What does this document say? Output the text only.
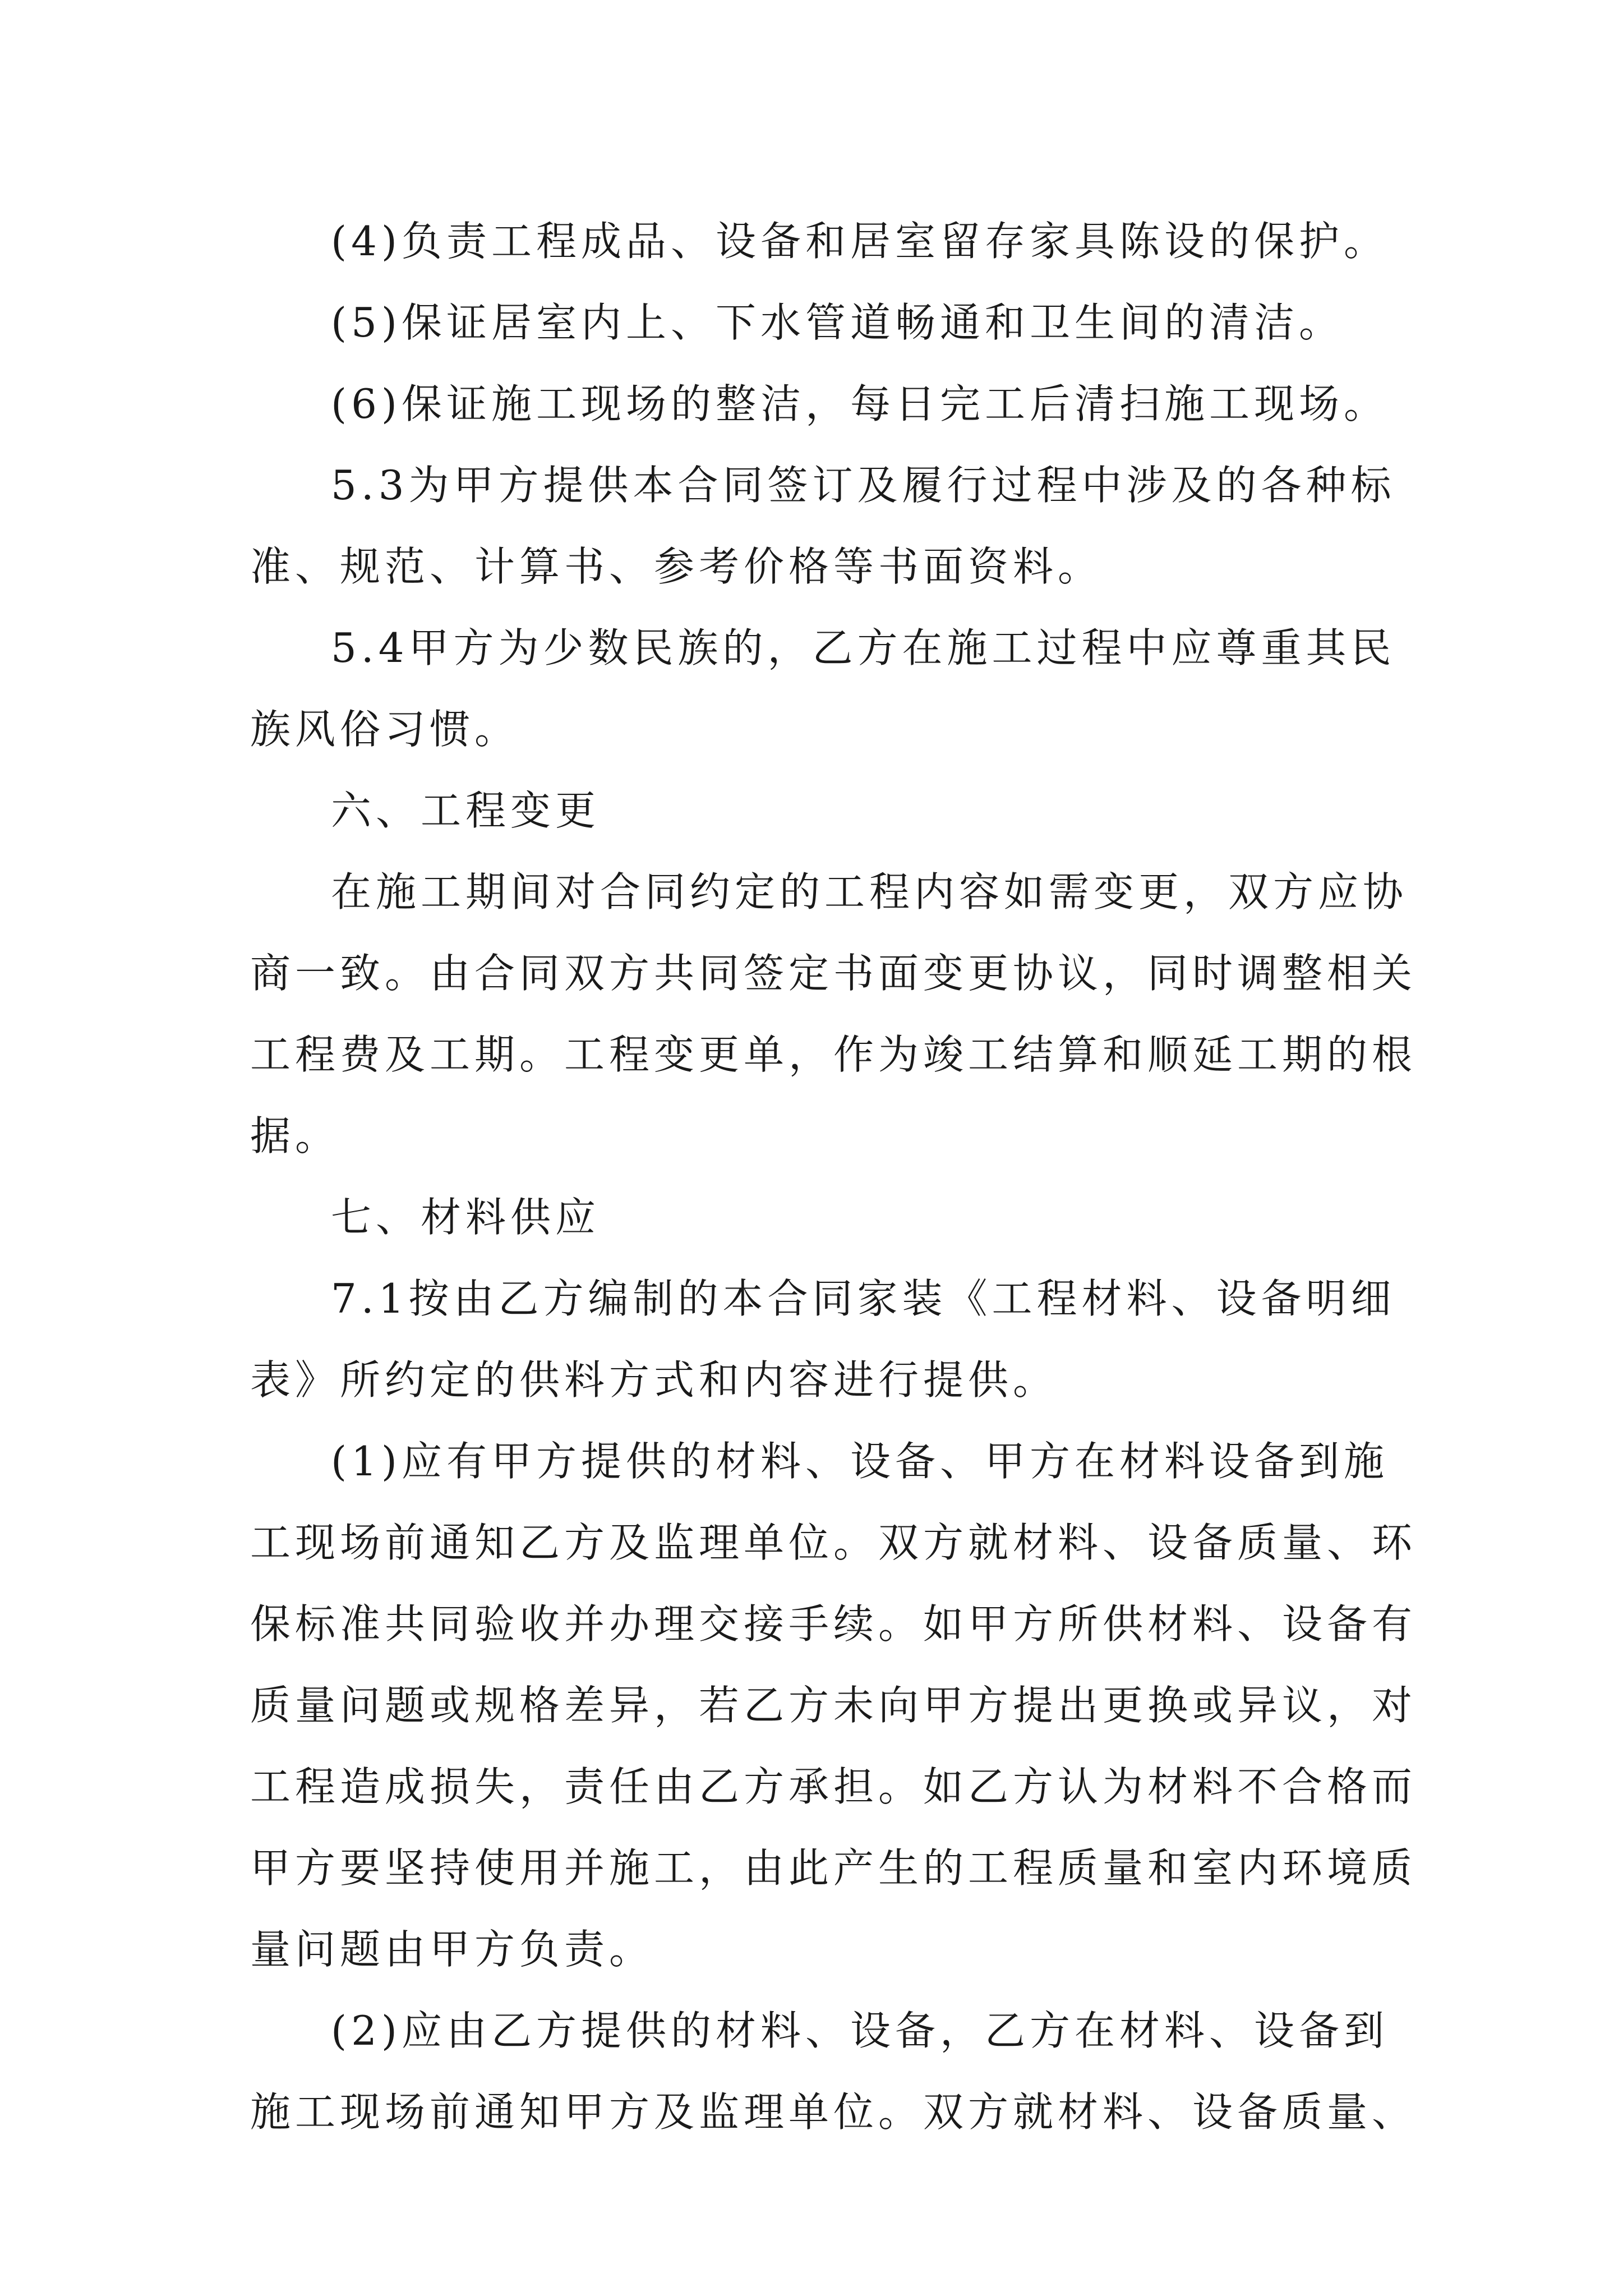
(4)负责工程成品、设备和居室留存家具陈设的保护。
(5)保证居室内上、下水管道畅通和卫生间的清洁。
(6)保证施工现场的整洁，每日完工后清扫施工现场。
5.3为甲方提供本合同签订及履行过程中涉及的各种标
准、规范、计算书、参考价格等书面资料。
5.4甲方为少数民族的，乙方在施工过程中应尊重其民
族风俗习惯。
六、工程变更
在施工期间对合同约定的工程内容如需变更，双方应协
商一致。由合同双方共同签定书面变更协议，同时调整相关
工程费及工期。工程变更单，作为竣工结算和顺延工期的根
据。
七、材料供应
7.1按由乙方编制的本合同家装《工程材料、设备明细
表》所约定的供料方式和内容进行提供。
(1)应有甲方提供的材料、设备、甲方在材料设备到施
工现场前通知乙方及监理单位。双方就材料、设备质量、环
保标准共同验收并办理交接手续。如甲方所供材料、设备有
质量问题或规格差异，若乙方未向甲方提出更换或异议，对
工程造成损失，责任由乙方承担。如乙方认为材料不合格而
甲方要坚持使用并施工，由此产生的工程质量和室内环境质
量问题由甲方负责。
(2)应由乙方提供的材料、设备，乙方在材料、设备到
施工现场前通知甲方及监理单位。双方就材料、设备质量、
